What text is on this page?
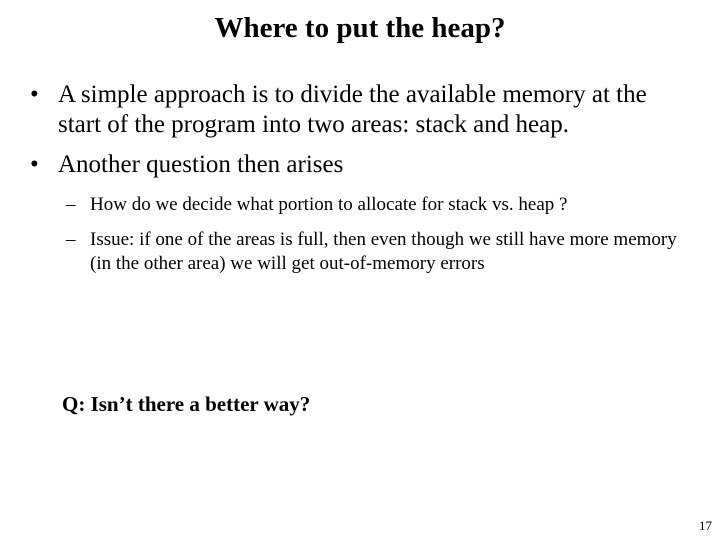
Where to put the heap?
• A simple approach is to divide the available memory at the start of the program into two areas: stack and heap.
• Another question then arises
– How do we decide what portion to allocate for stack vs. heap ?
– Issue: if one of the areas is full, then even though we still have more memory (in the other area) we will get out-of-memory errors
Q: Isn’t there a better way?
17
